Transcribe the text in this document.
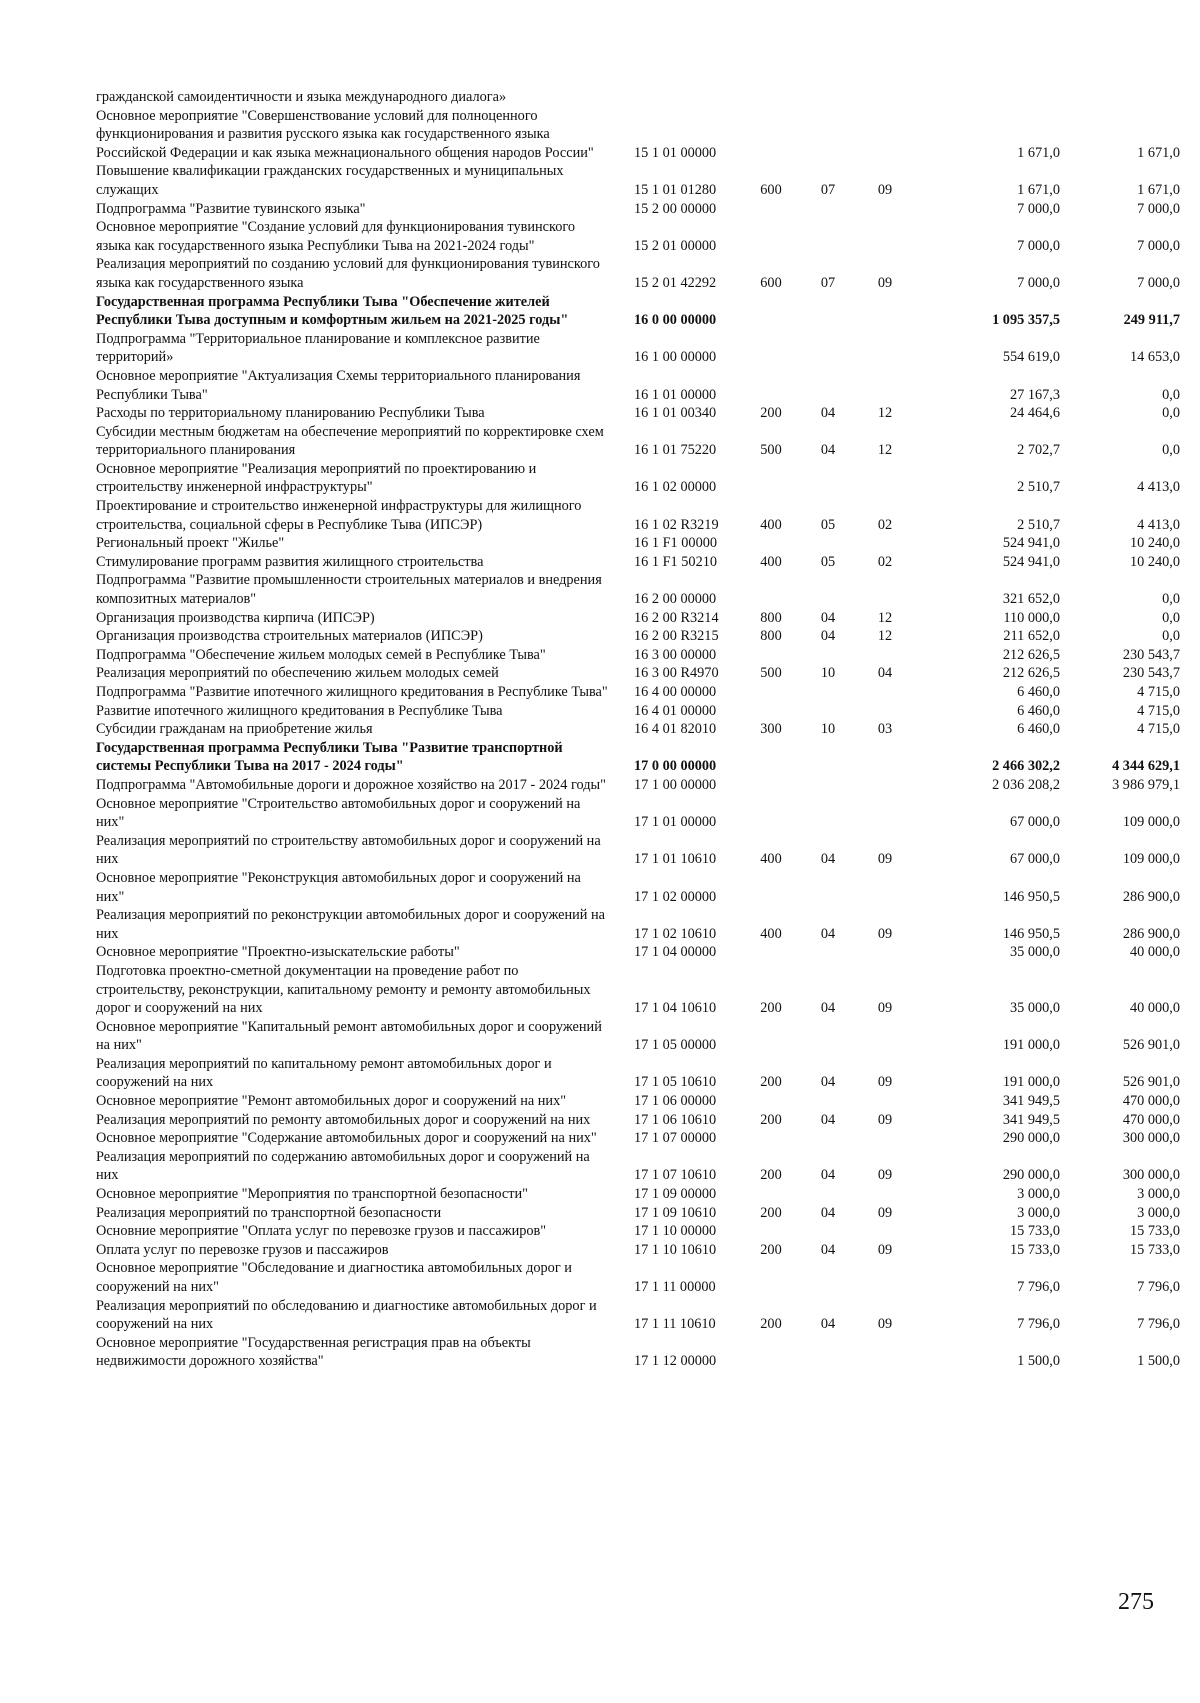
гражданской самоидентичности и языка международного диалога»
Основное мероприятие "Совершенствование условий для полноценного функционирования и развития русского языка как государственного языка Российской Федерации и как языка межнационального общения народов России"	15 1 01 00000	1 671,0	1 671,0
Повышение квалификации гражданских государственных и муниципальных служащих	15 1 01 01280	600	07	09	1 671,0	1 671,0
Подпрограмма "Развитие тувинского языка"	15 2 00 00000	7 000,0	7 000,0
Основное мероприятие "Создание условий для функционирования тувинского языка как государственного языка Республики Тыва на 2021-2024 годы"	15 2 01 00000	7 000,0	7 000,0
Реализация мероприятий по созданию условий для функционирования тувинского языка как государственного языка	15 2 01 42292	600	07	09	7 000,0	7 000,0
Государственная программа Республики Тыва "Обеспечение жителей Республики Тыва доступным и комфортным жильем на 2021-2025 годы"	16 0 00 00000	1 095 357,5	249 911,7
Подпрограмма "Территориальное планирование и комплексное развитие территорий»	16 1 00 00000	554 619,0	14 653,0
Основное мероприятие "Актуализация Схемы территориального планирования Республики Тыва"	16 1 01 00000	27 167,3	0,0
Расходы по территориальному планированию Республики Тыва	16 1 01 00340	200	04	12	24 464,6	0,0
Субсидии местным бюджетам на обеспечение мероприятий по корректировке схем территориального планирования	16 1 01 75220	500	04	12	2 702,7	0,0
Основное мероприятие "Реализация мероприятий по проектированию и строительству инженерной инфраструктуры"	16 1 02 00000	2 510,7	4 413,0
Проектирование и строительство инженерной инфраструктуры для жилищного строительства, социальной сферы в Республике Тыва (ИПСЭР)	16 1 02 R3219	400	05	02	2 510,7	4 413,0
Региональный проект "Жилье"	16 1 F1 00000	524 941,0	10 240,0
Стимулирование программ развития жилищного строительства	16 1 F1 50210	400	05	02	524 941,0	10 240,0
Подпрограмма "Развитие промышленности строительных материалов и внедрения композитных материалов"	16 2 00 00000	321 652,0	0,0
Организация производства кирпича (ИПСЭР)	16 2 00 R3214	800	04	12	110 000,0	0,0
Организация производства строительных материалов (ИПСЭР)	16 2 00 R3215	800	04	12	211 652,0	0,0
Подпрограмма "Обеспечение жильем молодых семей в Республике Тыва"	16 3 00 00000	212 626,5	230 543,7
Реализация мероприятий по обеспечению жильем молодых семей	16 3 00 R4970	500	10	04	212 626,5	230 543,7
Подпрограмма "Развитие ипотечного жилищного кредитования в Республике Тыва" 16 4 00 00000	6 460,0	4 715,0
Развитие ипотечного жилищного кредитования в Республике Тыва	16 4 01 00000	6 460,0	4 715,0
Субсидии гражданам на приобретение жилья	16 4 01 82010	300	10	03	6 460,0	4 715,0
Государственная программа Республики Тыва "Развитие транспортной системы Республики Тыва на 2017 - 2024 годы"	17 0 00 00000	2 466 302,2	4 344 629,1
Подпрограмма "Автомобильные дороги и дорожное хозяйство на 2017 - 2024 годы" 17 1 00 00000	2 036 208,2	3 986 979,1
Основное мероприятие "Строительство автомобильных дорог и сооружений на них"	17 1 01 00000	67 000,0	109 000,0
Реализация мероприятий по строительству автомобильных дорог и сооружений на них	17 1 01 10610	400	04	09	67 000,0	109 000,0
Основное мероприятие "Реконструкция автомобильных дорог и сооружений на них"	17 1 02 00000	146 950,5	286 900,0
Реализация мероприятий по реконструкции автомобильных дорог и сооружений на них	17 1 02 10610	400	04	09	146 950,5	286 900,0
Основное мероприятие "Проектно-изыскательские работы"	17 1 04 00000	35 000,0	40 000,0
Подготовка проектно-сметной документации на проведение работ по строительству, реконструкции, капитальному ремонту и ремонту автомобильных дорог и сооружений на них	17 1 04 10610	200	04	09	35 000,0	40 000,0
Основное мероприятие "Капитальный ремонт автомобильных дорог и сооружений на них"	17 1 05 00000	191 000,0	526 901,0
Реализация мероприятий по капитальному ремонт автомобильных дорог и сооружений на них	17 1 05 10610	200	04	09	191 000,0	526 901,0
Основное мероприятие "Ремонт автомобильных дорог и сооружений на них"	17 1 06 00000	341 949,5	470 000,0
Реализация мероприятий по ремонту автомобильных дорог и сооружений на них	17 1 06 10610	200	04	09	341 949,5	470 000,0
Основное мероприятие "Содержание автомобильных дорог и сооружений на них"	17 1 07 00000	290 000,0	300 000,0
Реализация мероприятий по содержанию автомобильных дорог и сооружений на них	17 1 07 10610	200	04	09	290 000,0	300 000,0
Основное мероприятие "Мероприятия по транспортной безопасности"	17 1 09 00000	3 000,0	3 000,0
Реализация мероприятий по транспортной безопасности	17 1 09 10610	200	04	09	3 000,0	3 000,0
Основние мероприятие "Оплата услуг по перевозке грузов и пассажиров"	17 1 10 00000	15 733,0	15 733,0
Оплата услуг по перевозке грузов и пассажиров	17 1 10 10610	200	04	09	15 733,0	15 733,0
Основное мероприятие "Обследование и диагностика автомобильных дорог и сооружений на них"	17 1 11 00000	7 796,0	7 796,0
Реализация мероприятий по обследованию и диагностике автомобильных дорог и сооружений на них	17 1 11 10610	200	04	09	7 796,0	7 796,0
Основное мероприятие "Государственная регистрация прав на объекты недвижимости дорожного хозяйства"	17 1 12 00000	1 500,0	1 500,0
275
